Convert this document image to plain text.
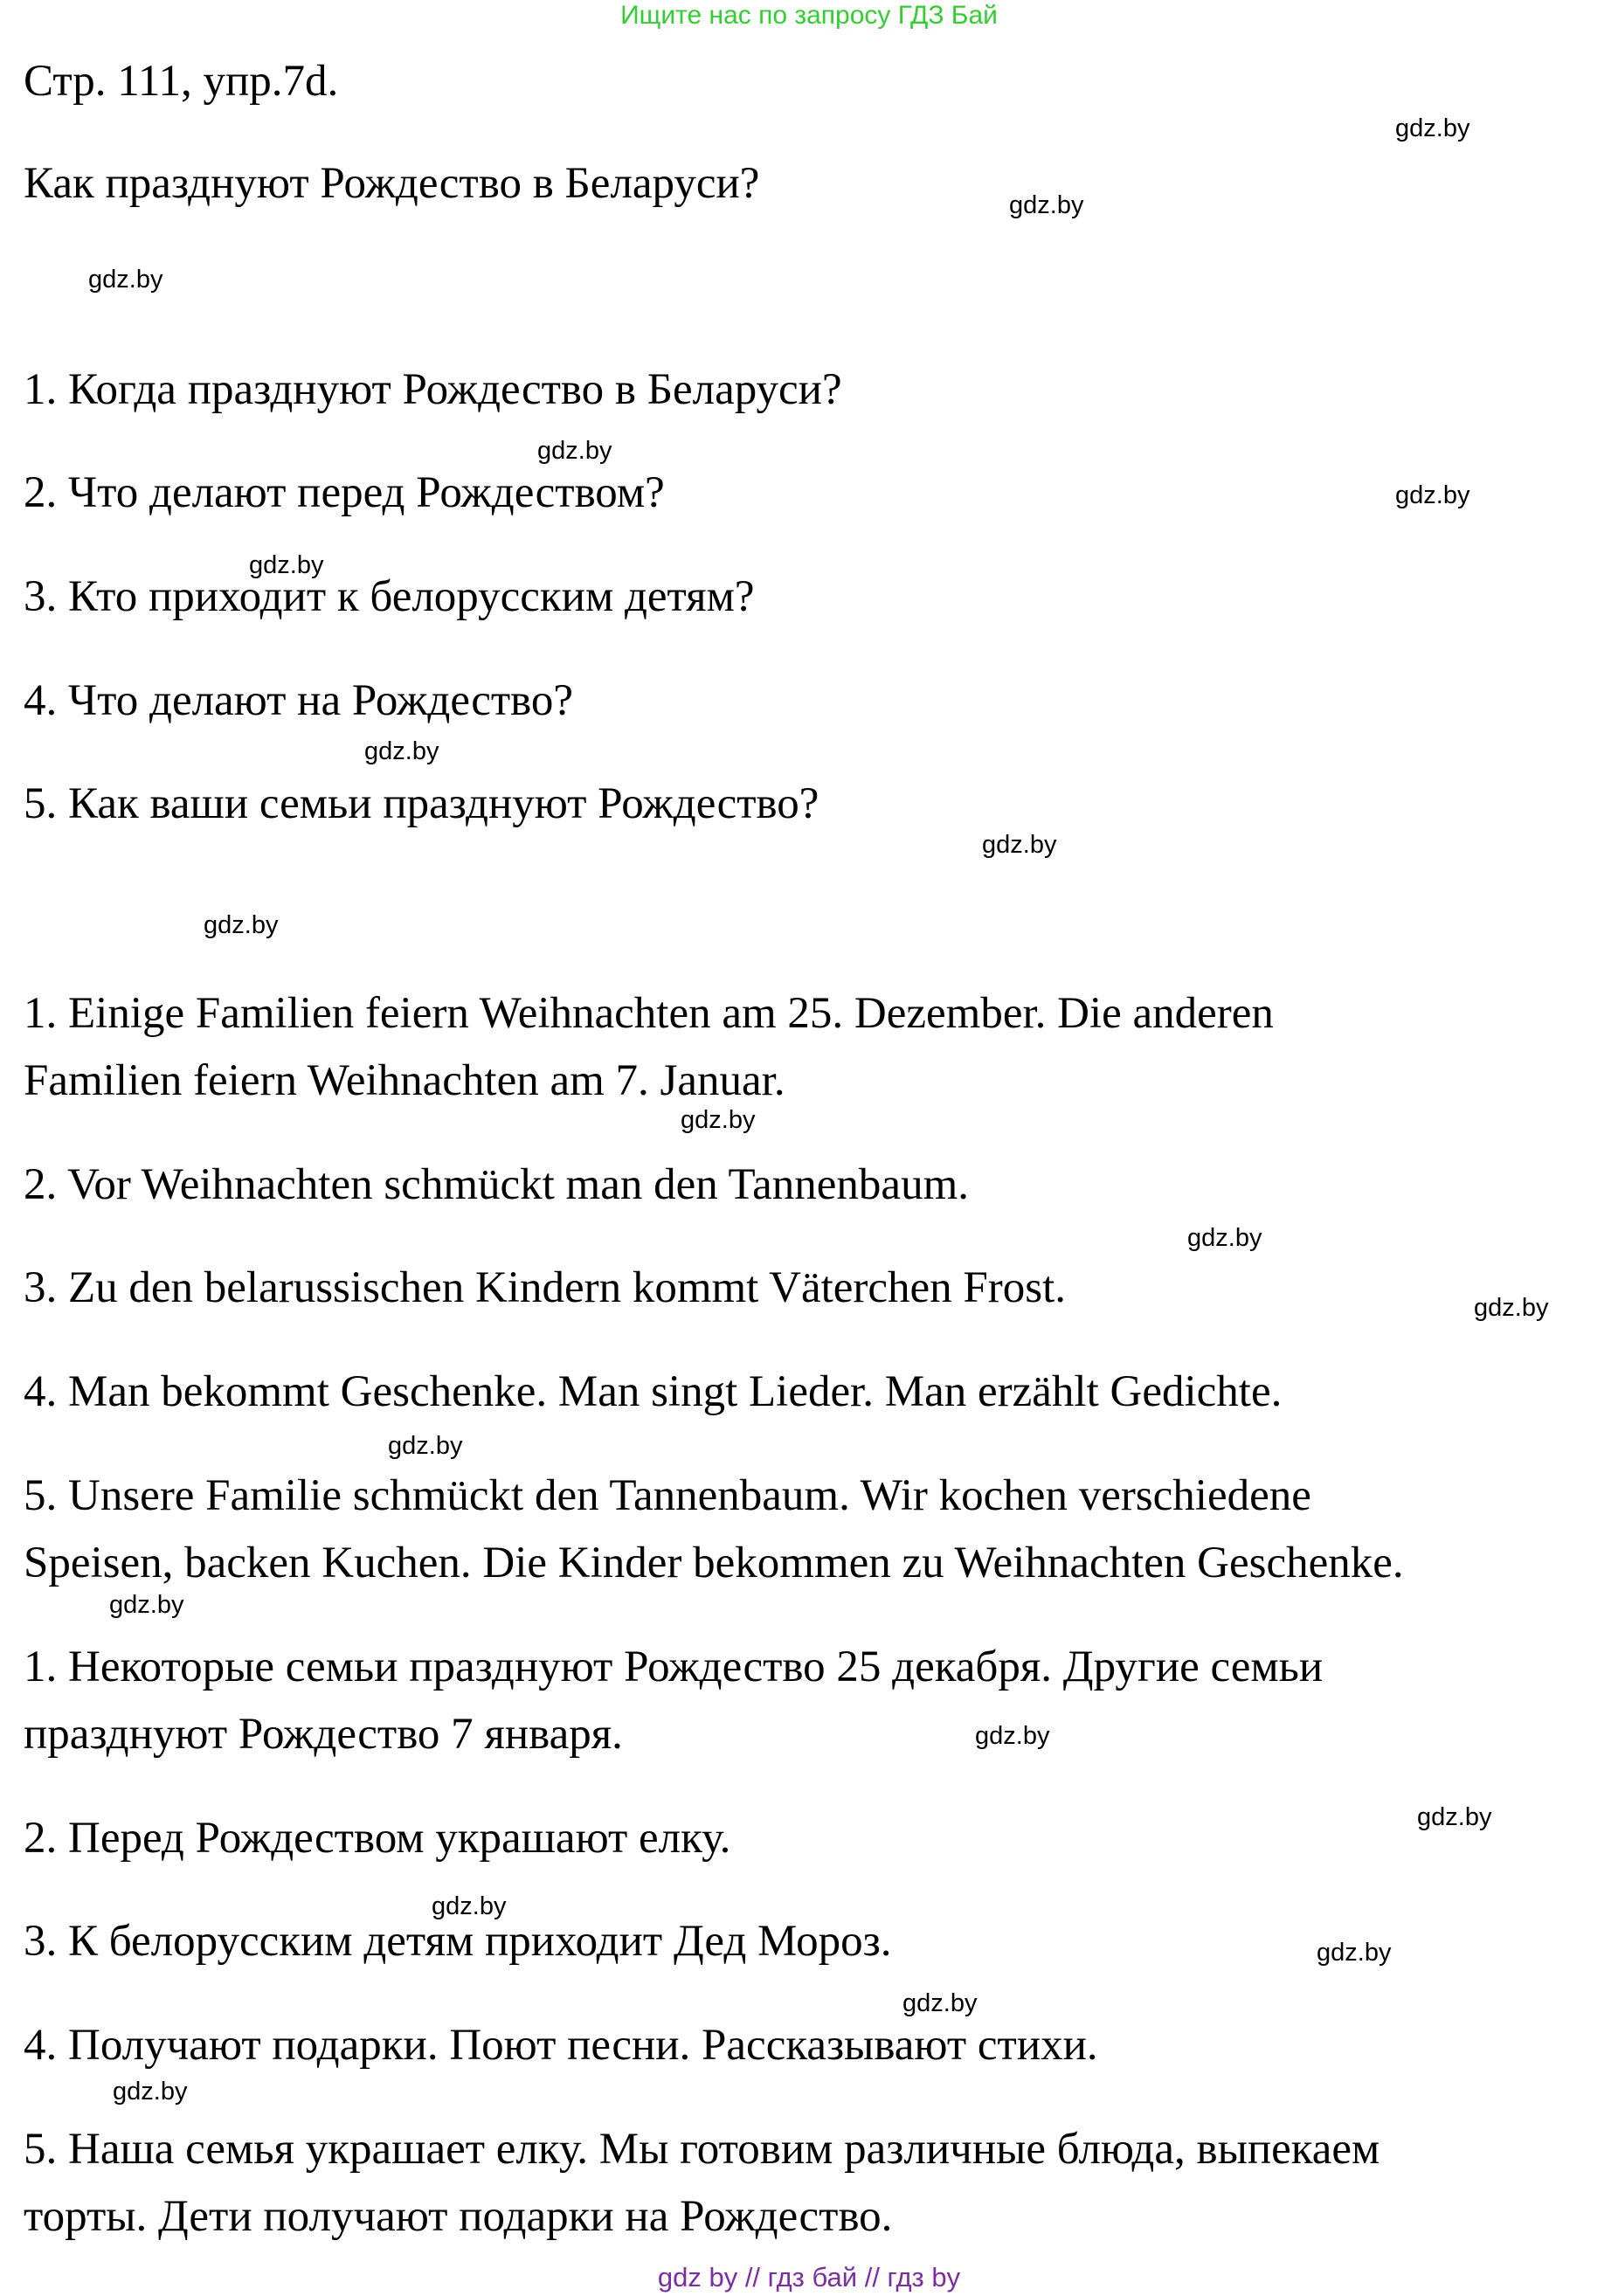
Ищите нас по запросу ГДЗ Бай

Стр. 111, упр.7d.

Как празднуют Рождество в Беларуси?

1. Когда празднуют Рождество в Беларуси?

2. Что делают перед Рождеством?

3. Кто приходит к белорусским детям?

4. Что делают на Рождество?

5. Как ваши семьи празднуют Рождество?

1. Einige Familien feiern Weihnachten am 25. Dezember. Die anderen

Familien feiern Weihnachten am 7. Januar.

2. Vor Weihnachten schmückt man den Tannenbaum.

3. Zu den belarussischen Kindern kommt Väterchen Frost.

4. Man bekommt Geschenke. Man singt Lieder. Man erzählt Gedichte.

5. Unsere Familie schmückt den Tannenbaum. Wir kochen verschiedene

Speisen, backen Kuchen. Die Kinder bekommen zu Weihnachten Geschenke.

1. Некоторые семьи празднуют Рождество 25 декабря. Другие семьи

празднуют Рождество 7 января.

2. Перед Рождеством украшают елку.

3. К белорусским детям приходит Дед Мороз.

4. Получают подарки. Поют песни. Рассказывают стихи.

5. Наша семья украшает елку. Мы готовим различные блюда, выпекаем

торты. Дети получают подарки на Рождество.

gdz.by
gdz.by
gdz.by
gdz.by
gdz.by
gdz.by
gdz.by
gdz.by
gdz.by
gdz.by
gdz.by
gdz.by
gdz.by
gdz.by
gdz.by
gdz.by
gdz.by
gdz.by
gdz.by
gdz.by
gdz by // гдз бай // гдз by
